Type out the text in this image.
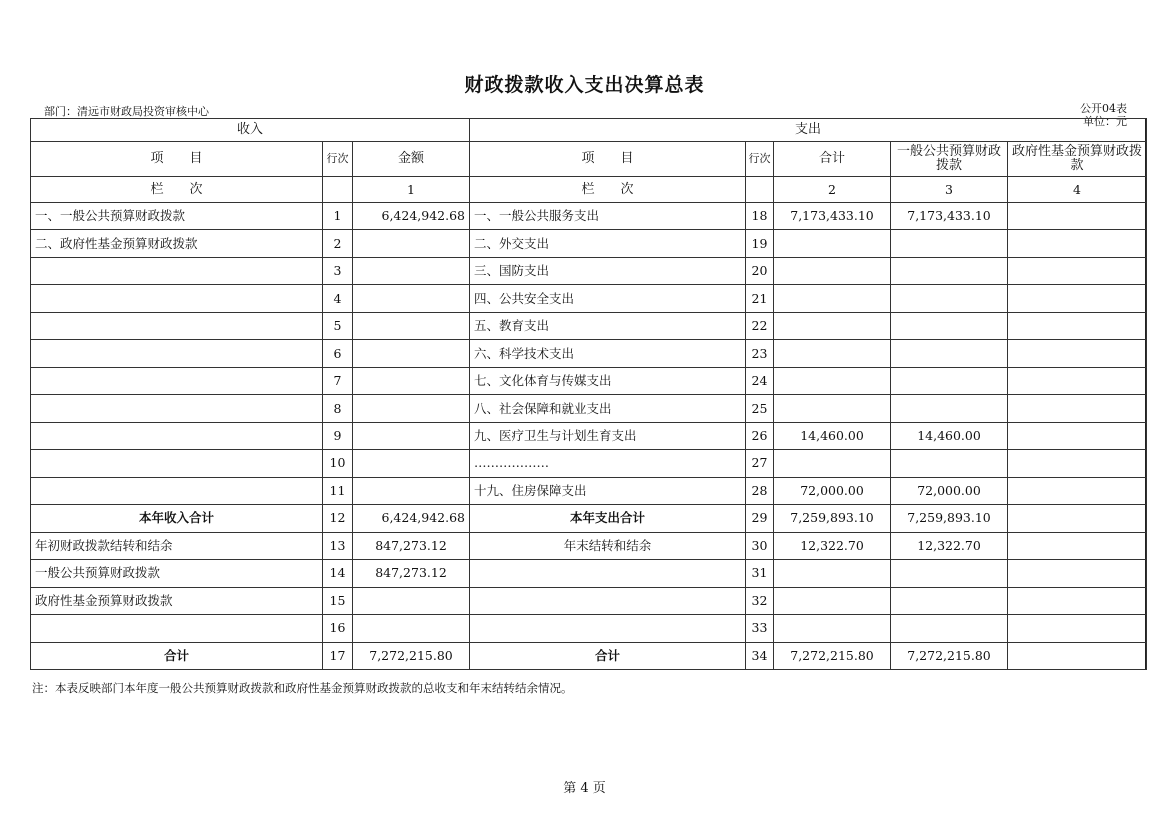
财政拨款收入支出决算总表
部门：清远市财政局投资审核中心	公开04表
单位：元
收入			支出				
项　　目	行次	金额	项　　目	行次	合计	一般公共预算财政拨款	政府性基金预算财政拨款
栏　　次		1	栏　　次		2	3	4
一、一般公共预算财政拨款	1	6,424,942.68	一、一般公共服务支出	18	7,173,433.10	7,173,433.10	
二、政府性基金预算财政拨款	2		二、外交支出	19			
	3		三、国防支出	20			
	4		四、公共安全支出	21			
	5		五、教育支出	22			
	6		六、科学技术支出	23			
	7		七、文化体育与传媒支出	24			
	8		八、社会保障和就业支出	25			
	9		九、医疗卫生与计划生育支出	26	14,460.00	14,460.00	
	10		………………	27			
	11		十九、住房保障支出	28	72,000.00	72,000.00	
本年收入合计	12	6,424,942.68	本年支出合计	29	7,259,893.10	7,259,893.10	
年初财政拨款结转和结余	13	847,273.12	年末结转和结余	30	12,322.70	12,322.70	
一般公共预算财政拨款	14	847,273.12		31			
政府性基金预算财政拨款	15			32			
	16			33			
合计	17	7,272,215.80	合计	34	7,272,215.80	7,272,215.80	
注：本表反映部门本年度一般公共预算财政拨款和政府性基金预算财政拨款的总收支和年末结转结余情况。
第 4 页
